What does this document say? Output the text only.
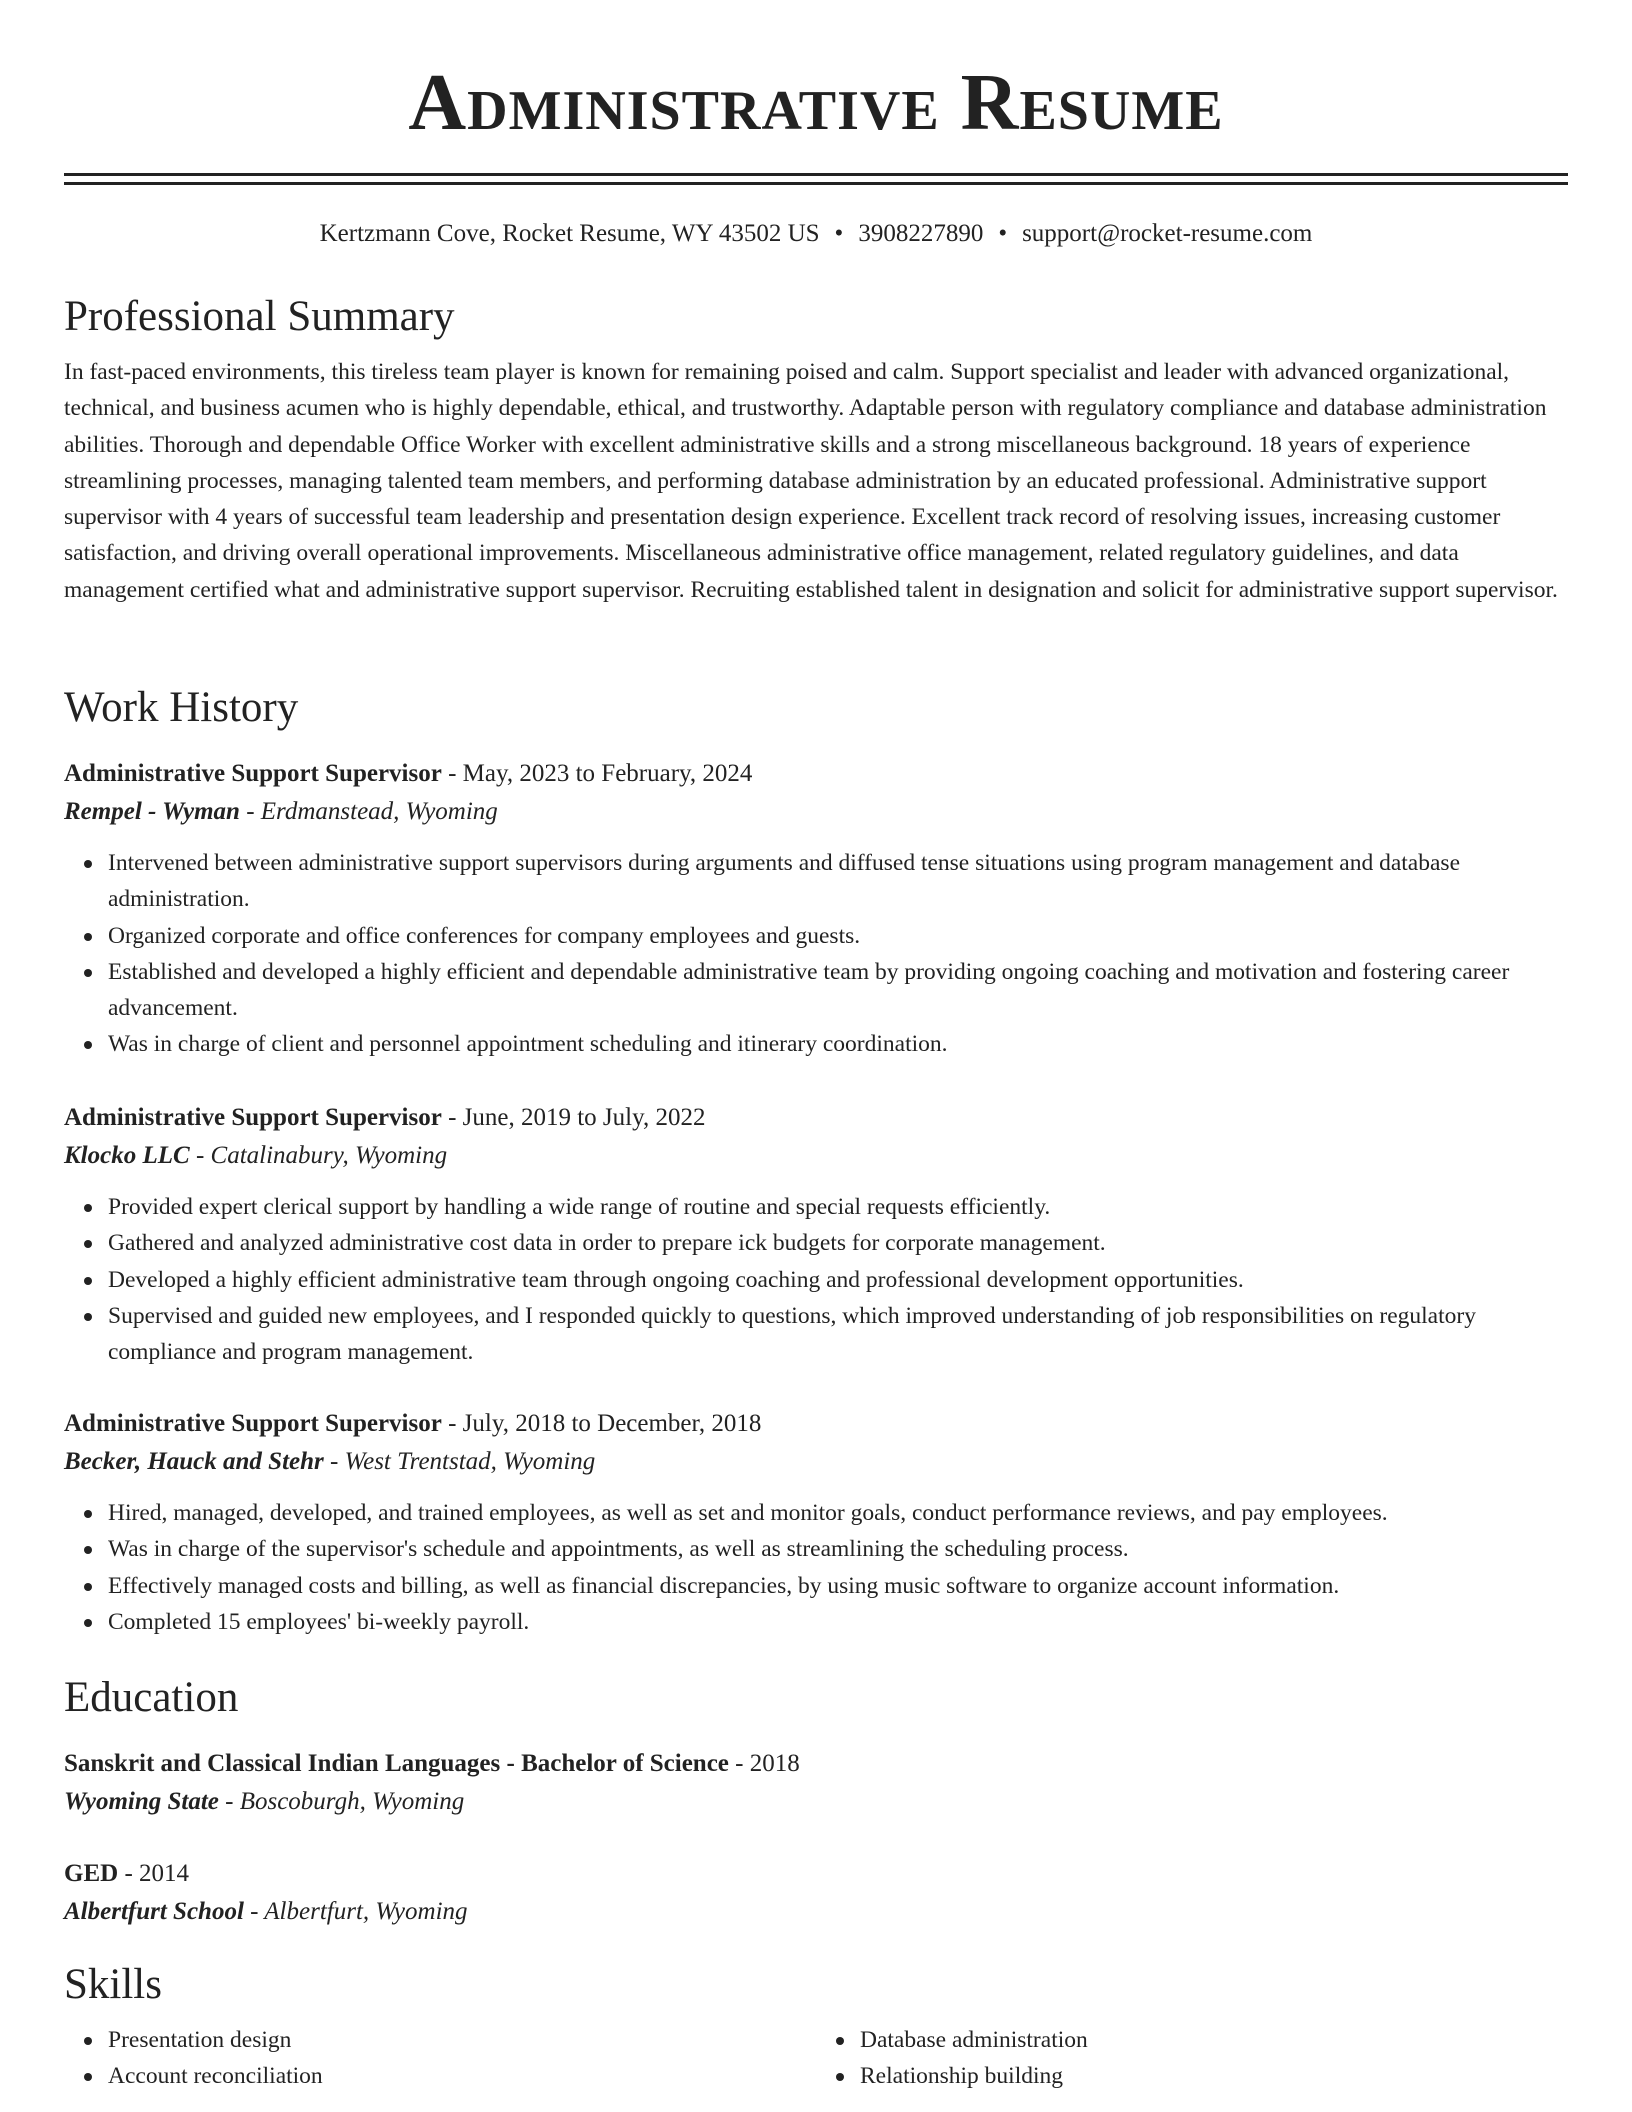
Administrative Resume
Kertzmann Cove, Rocket Resume, WY 43502 US • 3908227890 • support@rocket-resume.com
Professional Summary

In fast-paced environments, this tireless team player is known for remaining poised and calm. Support specialist and leader with advanced organizational, technical, and business acumen who is highly dependable, ethical, and trustworthy. Adaptable person with regulatory compliance and database administration abilities. Thorough and dependable Office Worker with excellent administrative skills and a strong miscellaneous background. 18 years of experience streamlining processes, managing talented team members, and performing database administration by an educated professional. Administrative support supervisor with 4 years of successful team leadership and presentation design experience. Excellent track record of resolving issues, increasing customer satisfaction, and driving overall operational improvements. Miscellaneous administrative office management, related regulatory guidelines, and data management certified what and administrative support supervisor. Recruiting established talent in designation and solicit for administrative support supervisor.

Work History

Administrative Support Supervisor - May, 2023 to February, 2024

Rempel - Wyman - Erdmanstead, Wyoming

Intervened between administrative support supervisors during arguments and diffused tense situations using program management and database administration.
Organized corporate and office conferences for company employees and guests.
Established and developed a highly efficient and dependable administrative team by providing ongoing coaching and motivation and fostering career advancement.
Was in charge of client and personnel appointment scheduling and itinerary coordination.

Administrative Support Supervisor - June, 2019 to July, 2022

Klocko LLC - Catalinabury, Wyoming

Provided expert clerical support by handling a wide range of routine and special requests efficiently.
Gathered and analyzed administrative cost data in order to prepare ick budgets for corporate management.
Developed a highly efficient administrative team through ongoing coaching and professional development opportunities.
Supervised and guided new employees, and I responded quickly to questions, which improved understanding of job responsibilities on regulatory compliance and program management.

Administrative Support Supervisor - July, 2018 to December, 2018

Becker, Hauck and Stehr - West Trentstad, Wyoming

Hired, managed, developed, and trained employees, as well as set and monitor goals, conduct performance reviews, and pay employees.
Was in charge of the supervisor's schedule and appointments, as well as streamlining the scheduling process.
Effectively managed costs and billing, as well as financial discrepancies, by using music software to organize account information.
Completed 15 employees' bi-weekly payroll.
Education

Sanskrit and Classical Indian Languages - Bachelor of Science - 2018

Wyoming State - Boscoburgh, Wyoming

GED - 2014

Albertfurt School - Albertfurt, Wyoming

Skills
Presentation design
Account reconciliation
Database administration
Relationship building
